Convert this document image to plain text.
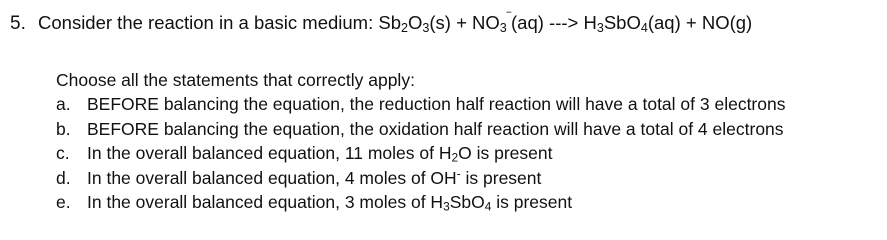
5. Consider the reaction in a basic medium: $Sb_2O_3(s) + NO_3^‾(aq)$ ---> $H_3SbO_4(aq) + NO(g)$
Choose all the statements that correctly apply:
a. BEFORE balancing the equation, the reduction half reaction will have a total of 3 electrons
b. BEFORE balancing the equation, the oxidation half reaction will have a total of 4 electrons
c. In the overall balanced equation, 11 moles of $H_2O$ is present
d. In the overall balanced equation, 4 moles of OH- is present
e. In the overall balanced equation, 3 moles of $H_3SbO_4$ is present
